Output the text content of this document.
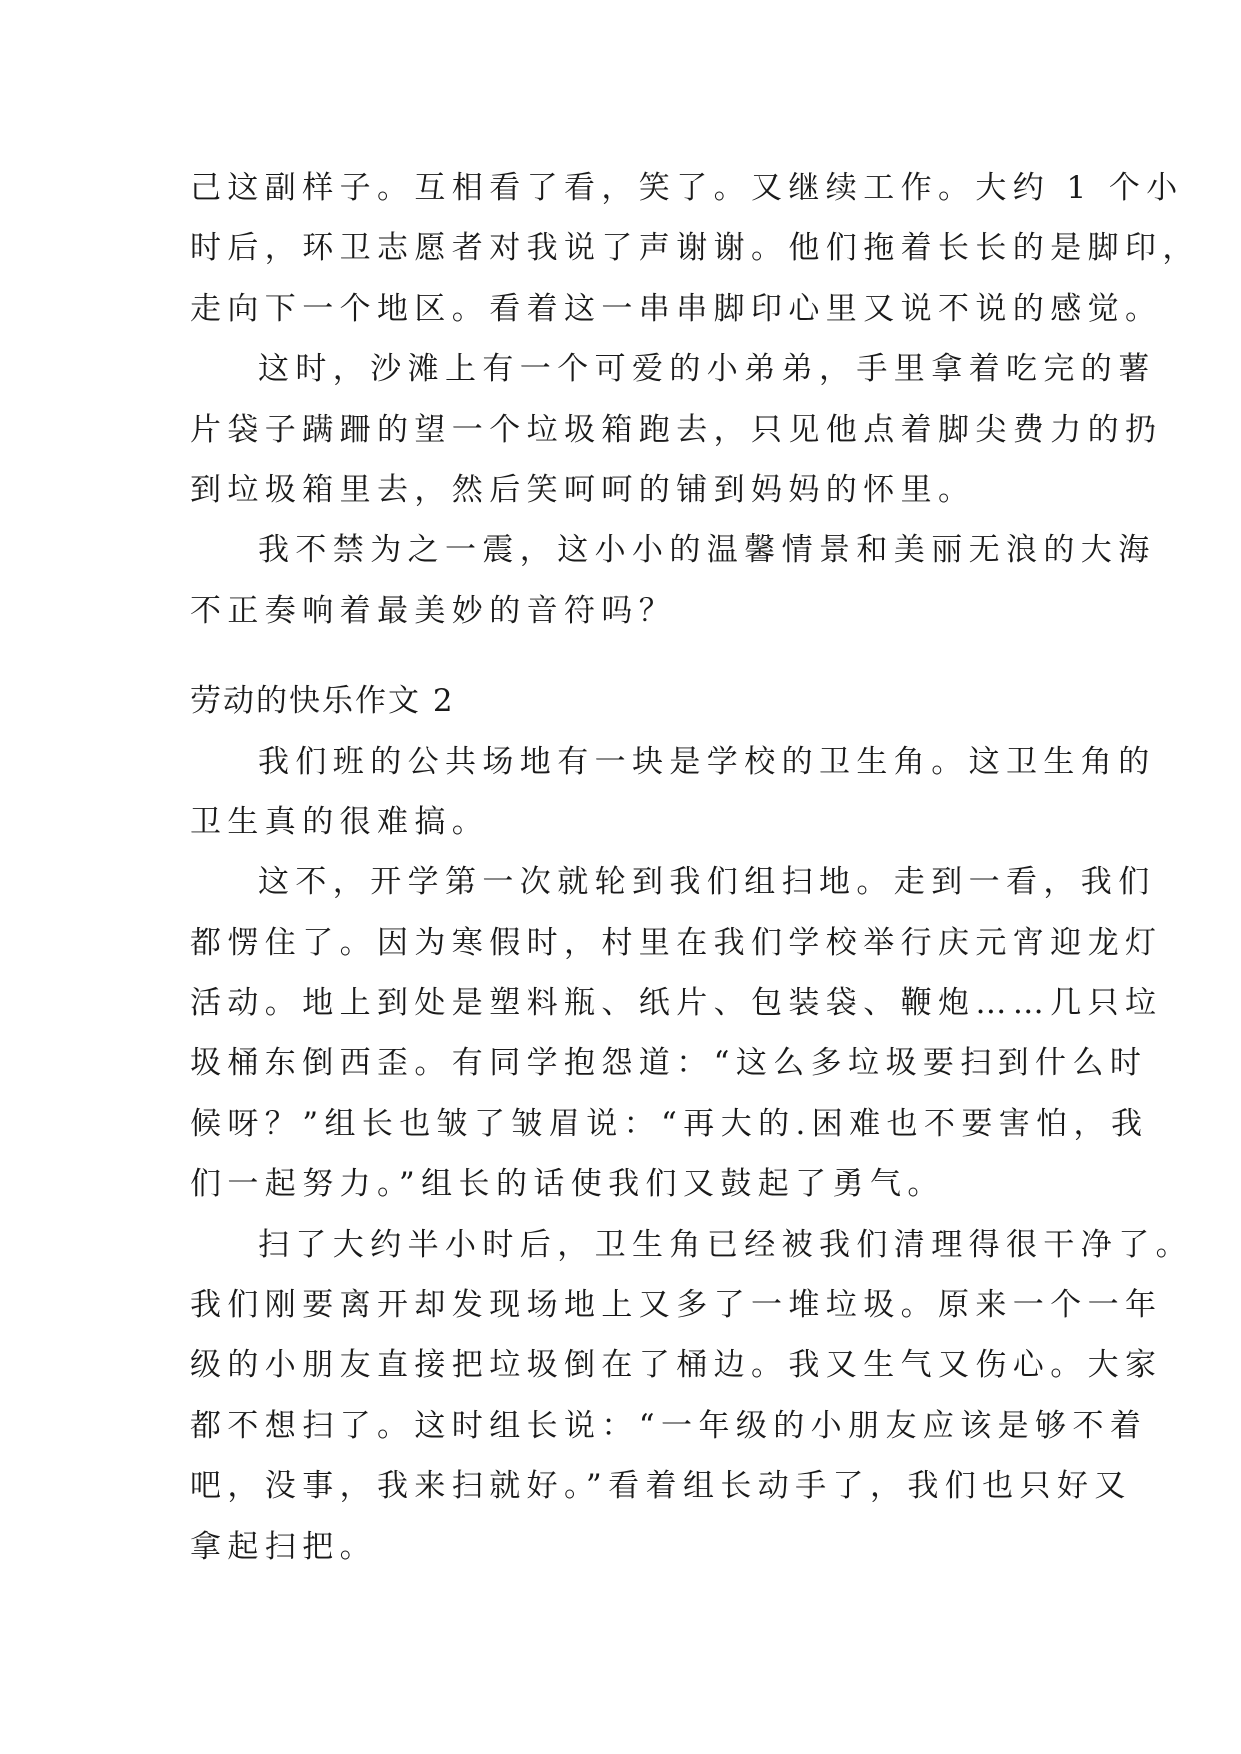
己这副样子。互相看了看，笑了。又继续工作。大约 1 个小
时后，环卫志愿者对我说了声谢谢。他们拖着长长的是脚印，
走向下一个地区。看着这一串串脚印心里又说不说的感觉。
这时，沙滩上有一个可爱的小弟弟，手里拿着吃完的薯
片袋子蹒跚的望一个垃圾箱跑去，只见他点着脚尖费力的扔
到垃圾箱里去，然后笑呵呵的铺到妈妈的怀里。
我不禁为之一震，这小小的温馨情景和美丽无浪的大海
不正奏响着最美妙的音符吗？
劳动的快乐作文 2
我们班的公共场地有一块是学校的卫生角。这卫生角的
卫生真的很难搞。
这不，开学第一次就轮到我们组扫地。走到一看，我们
都愣住了。因为寒假时，村里在我们学校举行庆元宵迎龙灯
活动。地上到处是塑料瓶、纸片、包装袋、鞭炮……几只垃
圾桶东倒西歪。有同学抱怨道：“这么多垃圾要扫到什么时
候呀？”组长也皱了皱眉说：“再大的.困难也不要害怕，我
们一起努力。”组长的话使我们又鼓起了勇气。
扫了大约半小时后，卫生角已经被我们清理得很干净了。
我们刚要离开却发现场地上又多了一堆垃圾。原来一个一年
级的小朋友直接把垃圾倒在了桶边。我又生气又伤心。大家
都不想扫了。这时组长说：“一年级的小朋友应该是够不着
吧，没事，我来扫就好。”看着组长动手了，我们也只好又
拿起扫把。
